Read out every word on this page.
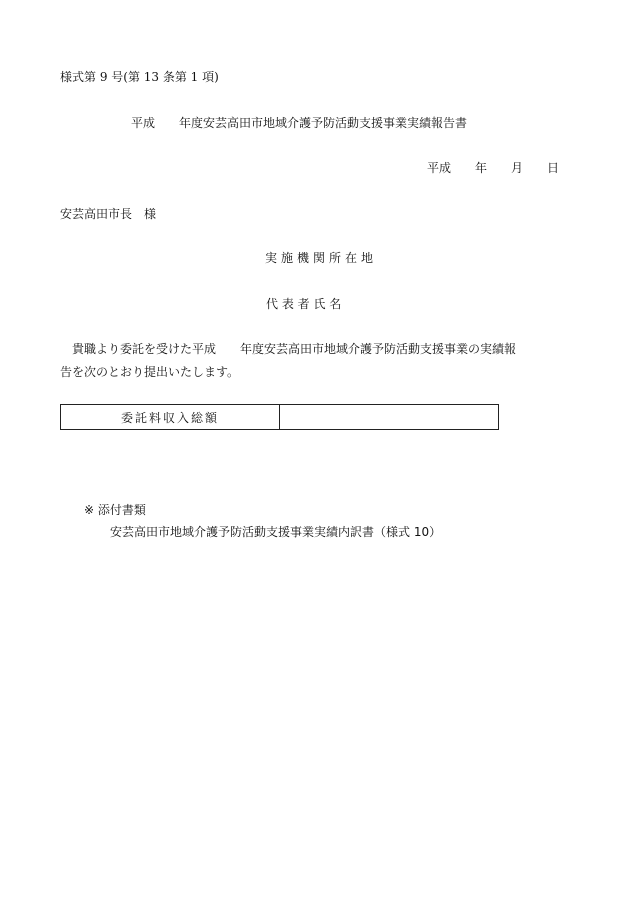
様式第 9 号(第 13 条第 1 項)
平成　　年度安芸高田市地域介護予防活動支援事業実績報告書
平成　　年　　月　　日
安芸高田市長　様
実施機関所在地
代 表 者 氏 名
貴職より委託を受けた平成　　年度安芸高田市地域介護予防活動支援事業の実績報
告を次のとおり提出いたします。
委託料収入総額	
※ 添付書類
安芸高田市地域介護予防活動支援事業実績内訳書（様式 10）
